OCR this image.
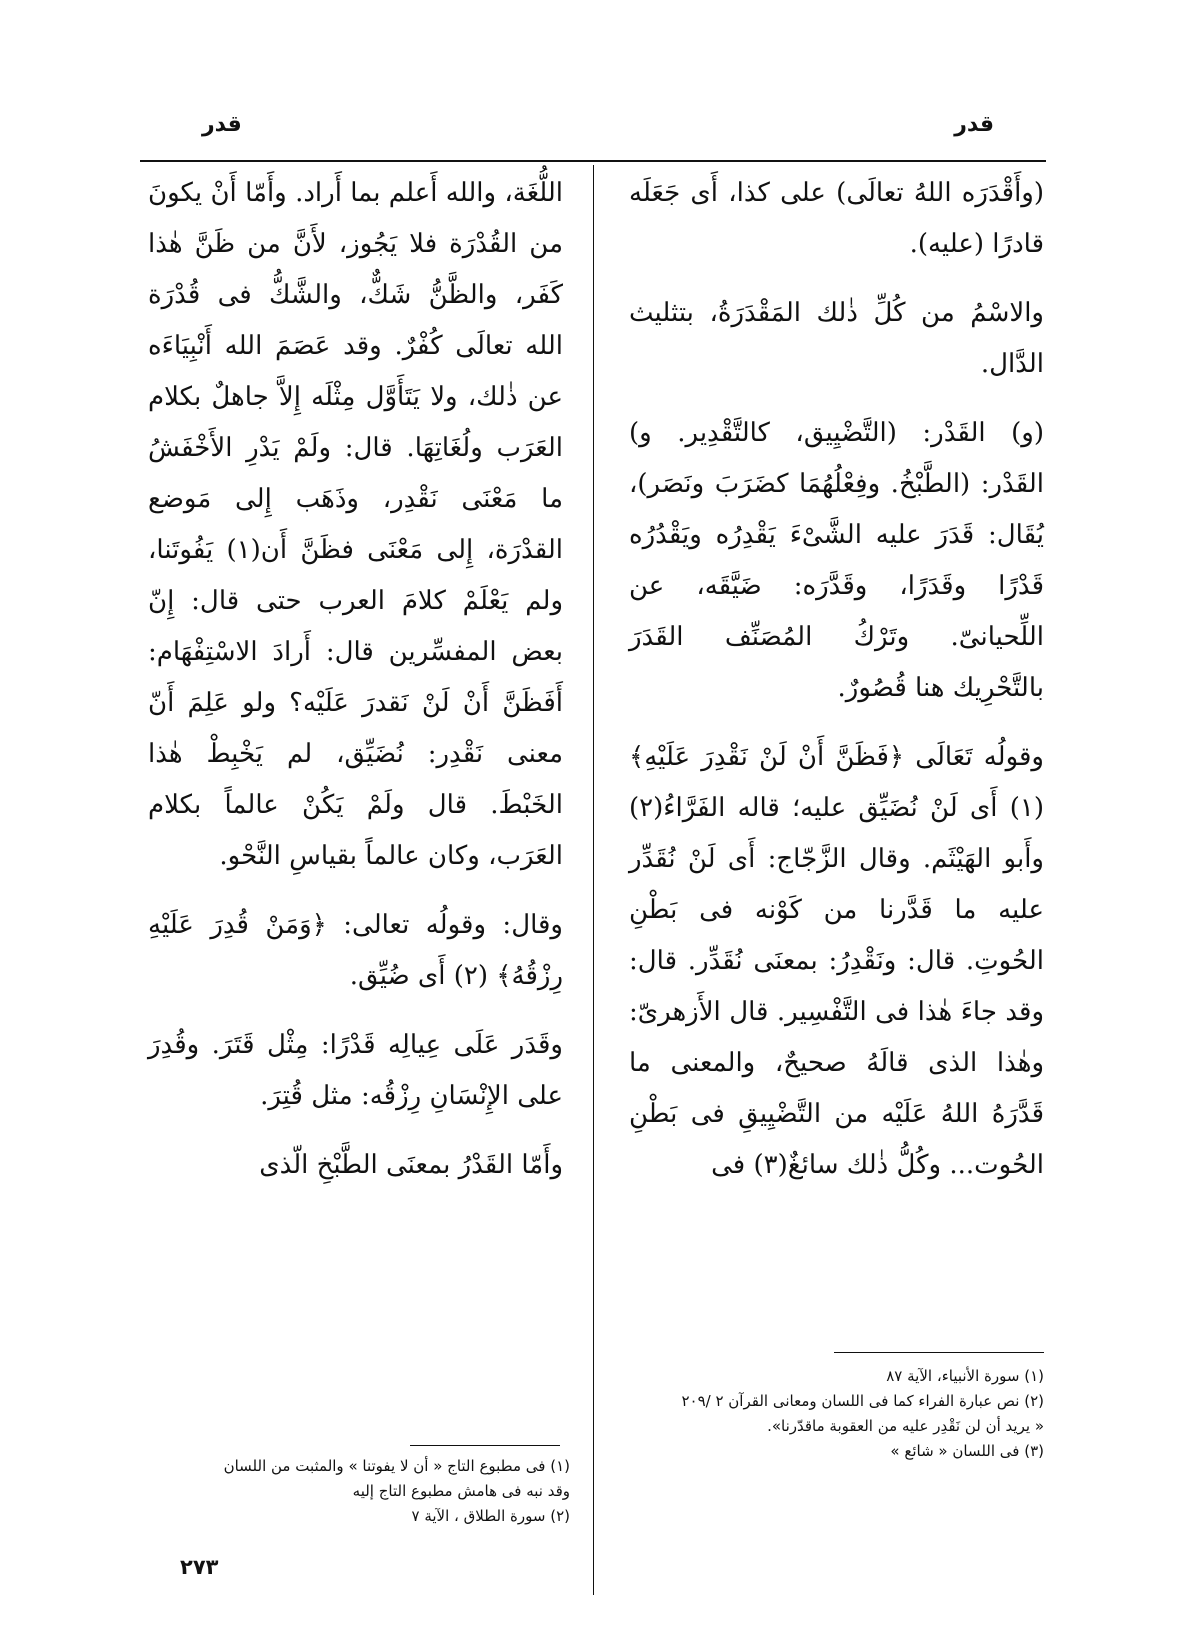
قدر
قدر

(وأَقْدَرَه اللهُ تعالَى) على كذا، أَى جَعَلَه قادرًا (عليه).

والاسْمُ من كُلِّ ذٰلك المَقْدَرَةُ، بتثليث الدَّال.

(و) القَدْر: (التَّضْيِيق، كالتَّقْدِير. و) القَدْر: (الطَّبْخُ. وفِعْلُهُمَا كضَرَبَ ونَصَر)، يُقَال: قَدَرَ عليه الشَّىْءَ يَقْدِرُه ويَقْدُرُه قَدْرًا وقَدَرًا، وقَدَّرَه: ضَيَّقَه، عن اللِّحيانىّ. وتَرْكُ المُصَنِّف القَدَرَ بالتَّحْرِيك هنا قُصُورٌ.

وقولُه تَعَالَى ﴿فَظَنَّ أَنْ لَنْ نَقْدِرَ عَلَيْهِ﴾ (١) أَى لَنْ نُضَيِّق عليه؛ قاله الفَرَّاءُ(٢) وأَبو الهَيْثَم. وقال الزَّجّاج: أَى لَنْ نُقَدِّر عليه ما قَدَّرنا من كَوْنه فى بَطْنِ الحُوتِ. قال: ونَقْدِرُ: بمعنَى نُقَدِّر. قال: وقد جاءَ هٰذا فى التَّفْسِير. قال الأَزهرىّ: وهٰذا الذى قالَهُ صحيحٌ، والمعنى ما قَدَّرَهُ اللهُ عَلَيْه من التَّضْيِيقِ فى بَطْنِ الحُوت... وكُلُّ ذٰلك سائغٌ(٣) فى

اللُّغَة، والله أَعلم بما أَراد. وأَمّا أَنْ يكونَ من القُدْرَة فلا يَجُوز، لأَنَّ من ظَنَّ هٰذا كَفَر، والظَّنُّ شَكٌّ، والشَّكُّ فى قُدْرَة الله تعالَى كُفْرٌ. وقد عَصَمَ الله أَنْبِيَاءَه عن ذٰلك، ولا يَتَأَوَّل مِثْلَه إِلاَّ جاهلٌ بكلام العَرَب ولُغَاتِهَا. قال: ولَمْ يَدْرِ الأَخْفَشُ ما مَعْنَى نَقْدِر، وذَهَب إِلى مَوضع القدْرَة، إِلى مَعْنَى فظَنَّ أَن(١) يَفُوتَنا، ولم يَعْلَمْ كلامَ العرب حتى قال: إِنّ بعض المفسِّرين قال: أَرادَ الاسْتِفْهَام: أَفَظَنَّ أَنْ لَنْ نَقدرَ عَلَيْه؟ ولو عَلِمَ أَنّ معنى نَقْدِر: نُضَيِّق، لم يَخْبِطْ هٰذا الخَبْطَ. قال ولَمْ يَكُنْ عالماً بكلام العَرَب، وكان عالماً بقياسِ النَّحْو.

وقال: وقولُه تعالى: ﴿وَمَنْ قُدِرَ عَلَيْهِ رِزْقُهُ﴾ (٢) أَى ضُيِّق.

وقَدَر عَلَى عِيالِه قَدْرًا: مِثْل قَتَرَ. وقُدِرَ على الإِنْسَانِ رِزْقُه: مثل قُتِرَ.

وأَمّا القَدْرُ بمعنَى الطَّبْخِ الّذى

(١) سورة الأنبياء، الآية ٨٧

(٢) نص عبارة الفراء كما فى اللسان ومعانى القرآن ٢ /٢٠٩

« يريد أن لن نَقْدِر عليه من العقوبة ماقدّرنا».

(٣) فى اللسان « شائع »

(١) فى مطبوع التاج « أن لا يفوتنا » والمثبت من اللسان

وقد نبه فى هامش مطبوع التاج إليه

(٢) سورة الطلاق ، الآية ٧

٢٧٣
